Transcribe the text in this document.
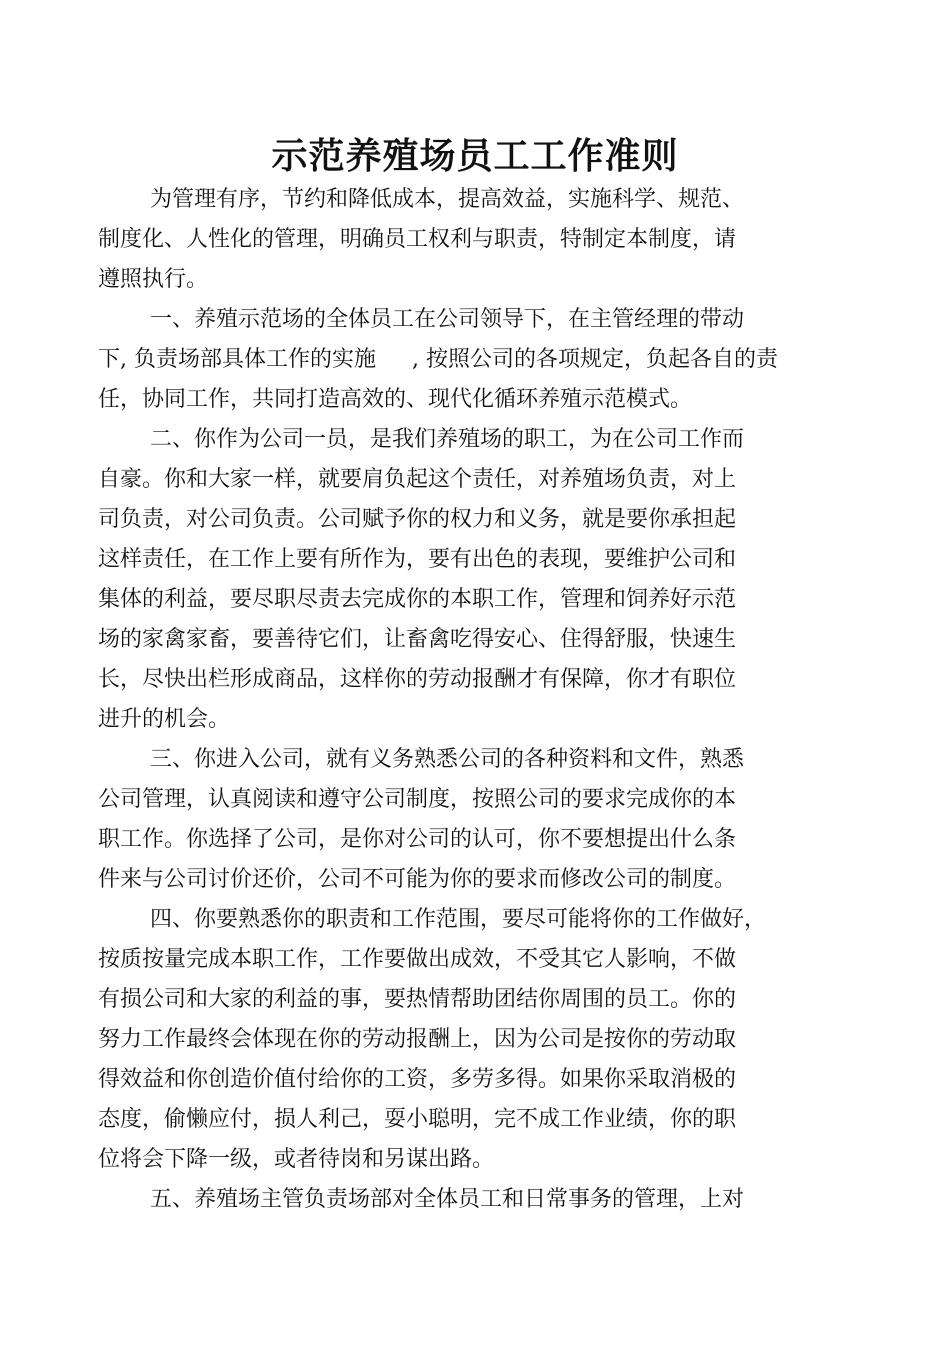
示范养殖场员工工作准则

为管理有序，节约和降低成本，提高效益，实施科学、规范、
制度化、人性化的管理，明确员工权利与职责，特制定本制度，请
遵照执行。

一、养殖示范场的全体员工在公司领导下，在主管经理的带动
下, 负责场部具体工作的实施 　 , 按照公司的各项规定，负起各自的责
任，协同工作，共同打造高效的、现代化循环养殖示范模式。

二、你作为公司一员，是我们养殖场的职工，为在公司工作而
自豪。你和大家一样，就要肩负起这个责任，对养殖场负责，对上
司负责，对公司负责。公司赋予你的权力和义务，就是要你承担起
这样责任，在工作上要有所作为，要有出色的表现，要维护公司和
集体的利益，要尽职尽责去完成你的本职工作，管理和饲养好示范
场的家禽家畜，要善待它们，让畜禽吃得安心、住得舒服，快速生
长，尽快出栏形成商品，这样你的劳动报酬才有保障，你才有职位
进升的机会。

三、你进入公司，就有义务熟悉公司的各种资料和文件，熟悉
公司管理，认真阅读和遵守公司制度，按照公司的要求完成你的本
职工作。你选择了公司，是你对公司的认可，你不要想提出什么条
件来与公司讨价还价，公司不可能为你的要求而修改公司的制度。

四、你要熟悉你的职责和工作范围，要尽可能将你的工作做好，
按质按量完成本职工作，工作要做出成效，不受其它人影响，不做
有损公司和大家的利益的事，要热情帮助团结你周围的员工。你的
努力工作最终会体现在你的劳动报酬上，因为公司是按你的劳动取
得效益和你创造价值付给你的工资，多劳多得。如果你采取消极的
态度，偷懒应付，损人利己，耍小聪明，完不成工作业绩，你的职
位将会下降一级，或者待岗和另谋出路。

五、养殖场主管负责场部对全体员工和日常事务的管理，上对
